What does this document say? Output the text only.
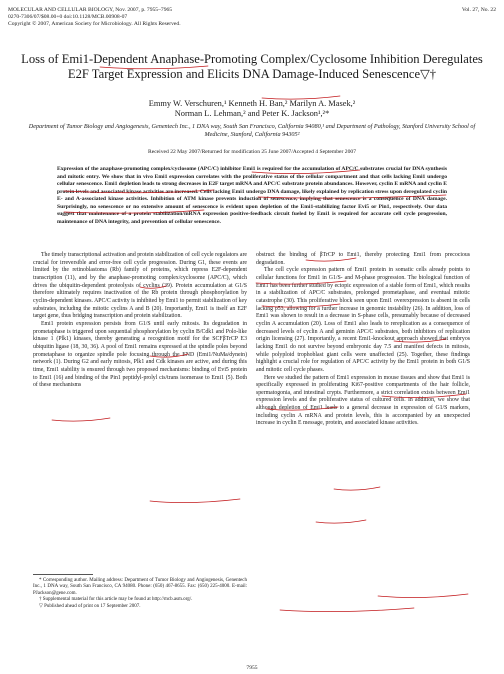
MOLECULAR AND CELLULAR BIOLOGY, Nov. 2007, p. 7955–7965
0270-7306/07/$08.00+0 doi:10.1128/MCB.00908-07
Copyright © 2007, American Society for Microbiology. All Rights Reserved.
Vol. 27, No. 22
Loss of Emi1-Dependent Anaphase-Promoting Complex/Cyclosome Inhibition Deregulates E2F Target Expression and Elicits DNA Damage-Induced Senescence▽†
Emmy W. Verschuren,¹ Kenneth H. Ban,² Marilyn A. Masek,²
Norman L. Lehman,² and Peter K. Jackson¹,²*
Department of Tumor Biology and Angiogenesis, Genentech Inc., 1 DNA way, South San Francisco, California 94080,¹ and Department of Pathology, Stanford University School of Medicine, Stanford, California 94305²
Received 22 May 2007/Returned for modification 25 June 2007/Accepted 4 September 2007
Expression of the anaphase-promoting complex/cyclosome (APC/C) inhibitor Emi1 is required for the accumulation of APC/C substrates crucial for DNA synthesis and mitotic entry. We show that in vivo Emi1 expression correlates with the proliferative status of the cellular compartment and that cells lacking Emi1 undergo cellular senescence. Emi1 depletion leads to strong decreases in E2F target mRNA and APC/C substrate protein abundances. However, cyclin E mRNA and cyclin E protein levels and associated kinase activities are increased. Cells lacking Emi1 undergo DNA damage, likely explained by replication stress upon deregulated cyclin E- and A-associated kinase activities. Inhibition of ATM kinase prevents induction of senescence, implying that senescence is a consequence of DNA damage. Surprisingly, no senescence or no extensive amount of senescence is evident upon depletion of the Emi1-stabilizing factor Evi5 or Pin1, respectively. Our data suggest that maintenance of a protein stabilization/mRNA expression positive-feedback circuit fueled by Emi1 is required for accurate cell cycle progression, maintenance of DNA integrity, and prevention of cellular senescence.

The timely transcriptional activation and protein stabilization of cell cycle regulators are crucial for irreversible and error-free cell cycle progression. During G1, these events are limited by the retinoblastoma (Rb) family of proteins, which repress E2F-dependent transcription (11), and by the anaphase-promoting complex/cyclosome (APC/C), which drives the ubiquitin-dependent proteolysis of cyclins (39). Protein accumulation at G1/S therefore ultimately requires inactivation of the Rb protein through phosphorylation by cyclin-dependent kinases. APC/C activity is inhibited by Emi1 to permit stabilization of key substrates, including the mitotic cyclins A and B (20). Importantly, Emi1 is itself an E2F target gene, thus bridging transcription and protein stabilization.

Emi1 protein expression persists from G1/S until early mitosis. Its degradation in prometaphase is triggered upon sequential phosphorylation by cyclin B/Cdk1 and Polo-like kinase 1 (Plk1) kinases, thereby generating a recognition motif for the SCFβTrCP E3 ubiquitin ligase (18, 30, 36). A pool of Emi1 remains expressed at the spindle poles beyond prometaphase to organize spindle pole focusing through the END (Emi1/NuMa/dynein) network (1). During G2 and early mitosis, Plk1 and Cdk kinases are active, and during this time, Emi1 stability is ensured through two proposed mechanisms: binding of Evi5 protein to Emi1 (16) and binding of the Pin1 peptidyl-prolyl cis/trans isomerase to Emi1 (5). Both of these mechanisms

obstruct the binding of βTrCP to Emi1, thereby protecting Emi1 from precocious degradation.

The cell cycle expression pattern of Emi1 protein in somatic cells already points to cellular functions for Emi1 in G1/S- and M-phase progression. The biological function of Emi1 has been further studied by ectopic expression of a stable form of Emi1, which results in a stabilization of APC/C substrates, prolonged prometaphase, and eventual mitotic catastrophe (30). This proliferative block seen upon Emi1 overexpression is absent in cells lacking p53, allowing for a further increase in genomic instability (26). In addition, loss of Emi1 was shown to result in a decrease in S-phase cells, presumably because of decreased cyclin A accumulation (20). Loss of Emi1 also leads to rereplication as a consequence of decreased levels of cyclin A and geminin APC/C substrates, both inhibitors of replication origin licensing (27). Importantly, a recent Emi1-knockout approach showed that embryos lacking Emi1 do not survive beyond embryonic day 7.5 and manifest defects in mitosis, while polyploid trophoblast giant cells were unaffected (25). Together, these findings highlight a crucial role for regulation of APC/C activity by the Emi1 protein in both G1/S and mitotic cell cycle phases.

Here we studied the pattern of Emi1 expression in mouse tissues and show that Emi1 is specifically expressed in proliferating Ki67-positive compartments of the hair follicle, spermatogonia, and intestinal crypts. Furthermore, a strict correlation exists between Emi1 expression levels and the proliferative status of cultured cells. In addition, we show that although depletion of Emi1 leads to a general decrease in expression of G1/S markers, including cyclin A mRNA and protein levels, this is accompanied by an unexpected increase in cyclin E message, protein, and associated kinase activities.

* Corresponding author. Mailing address: Department of Tumor Biology and Angiogenesis, Genentech Inc., 1 DNA way, South San Francisco, CA 94080. Phone: (650) 467-8655. Fax: (650) 225-4000. E-mail: PJackson@gene.com.

† Supplemental material for this article may be found at http://mcb.asm.org/.

▽ Published ahead of print on 17 September 2007.

7955
